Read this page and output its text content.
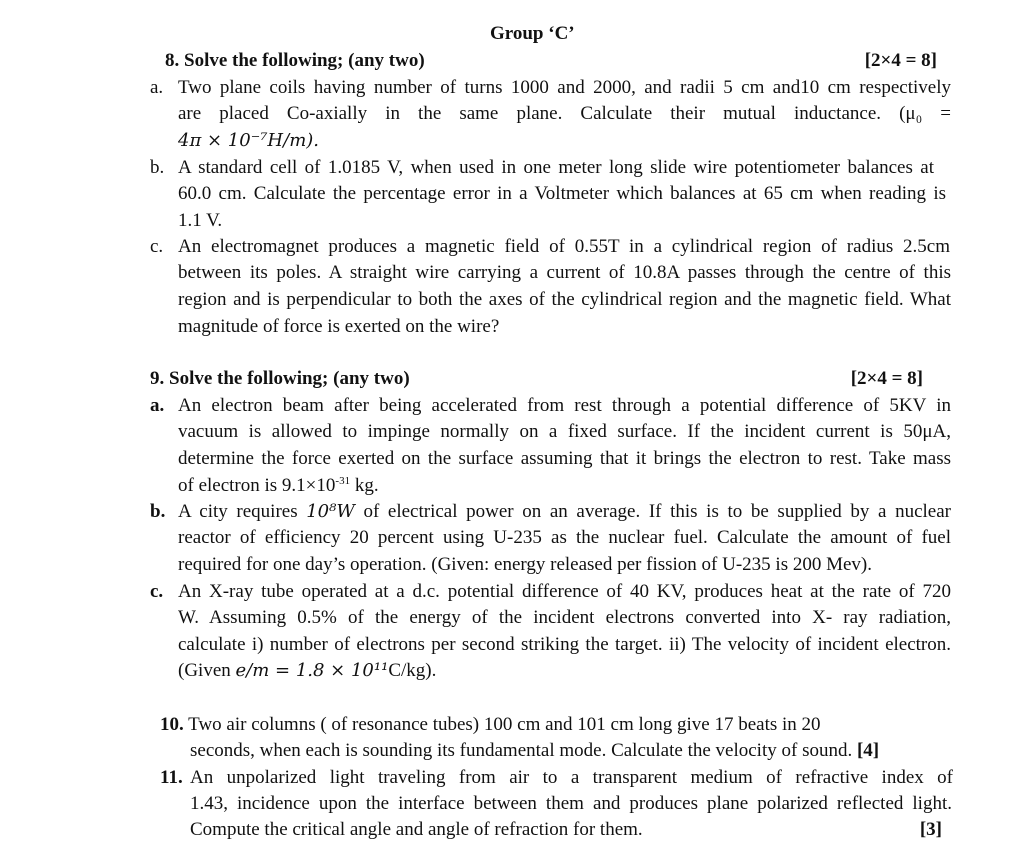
Group ‘C’
8. Solve the following; (any two)	[2×4 = 8]
a. Two plane coils having number of turns 1000 and 2000, and radii 5 cm and10 cm respectively
are placed Co-axially in the same plane. Calculate their mutual inductance. (μ₀ =
4π × 10⁻⁷H/m).
b. A standard cell of 1.0185 V, when used in one meter long slide wire potentiometer balances at
60.0 cm. Calculate the percentage error in a Voltmeter which balances at 65 cm when reading is
1.1 V.
c. An electromagnet produces a magnetic field of 0.55T in a cylindrical region of radius 2.5cm
between its poles. A straight wire carrying a current of 10.8A passes through the centre of this
region and is perpendicular to both the axes of the cylindrical region and the magnetic field. What
magnitude of force is exerted on the wire?
9. Solve the following; (any two)	[2×4 = 8]
a. An electron beam after being accelerated from rest through a potential difference of 5KV in
vacuum is allowed to impinge normally on a fixed surface. If the incident current is 50μA,
determine the force exerted on the surface assuming that it brings the electron to rest. Take mass
of electron is $9.1\times 10^{-31}$ kg.
b. A city requires 10⁸W of electrical power on an average. If this is to be supplied by a nuclear
reactor of efficiency 20 percent using U-235 as the nuclear fuel. Calculate the amount of fuel
required for one day’s operation. (Given: energy released per fission of U-235 is 200 Mev).
c. An X-ray tube operated at a d.c. potential difference of 40 KV, produces heat at the rate of 720
W. Assuming 0.5% of the energy of the incident electrons converted into X- ray radiation,
calculate i) number of electrons per second striking the target. ii) The velocity of incident electron.
(Given e/m = 1.8 × 10¹¹C/kg).
10. Two air columns ( of resonance tubes) 100 cm and 101 cm long give 17 beats in 20
seconds, when each is sounding its fundamental mode. Calculate the velocity of sound. [4]
11. An unpolarized light traveling from air to a transparent medium of refractive index of
1.43, incidence upon the interface between them and produces plane polarized reflected light.
Compute the critical angle and angle of refraction for them.	[3]
